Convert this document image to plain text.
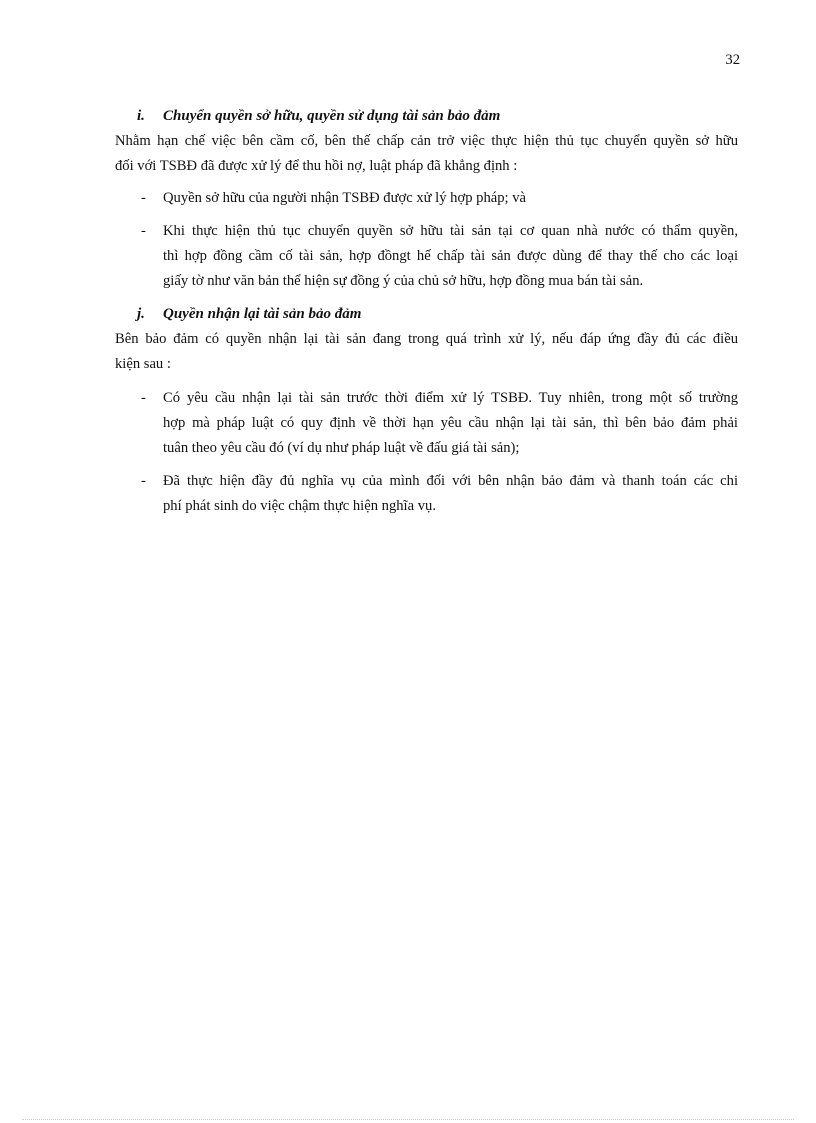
32
i. Chuyển quyền sở hữu, quyền sử dụng tài sản bảo đảm
Nhằm hạn chế việc bên cầm cố, bên thế chấp cản trở việc thực hiện thủ tục chuyển quyền sở hữu
đối với TSBĐ đã được xử lý để thu hồi nợ, luật pháp đã khẳng định :
- Quyền sở hữu của người nhận TSBĐ được xử lý hợp pháp; và
- Khi thực hiện thủ tục chuyển quyền sở hữu tài sản tại cơ quan nhà nước có thẩm quyền,
thì hợp đồng cầm cố tài sản, hợp đồngt hế chấp tài sản được dùng để thay thế cho các loại
giấy tờ như văn bản thể hiện sự đồng ý của chủ sở hữu, hợp đồng mua bán tài sản.
j. Quyền nhận lại tài sản bảo đảm
Bên bảo đảm có quyền nhận lại tài sản đang trong quá trình xử lý, nếu đáp ứng đầy đủ các điều
kiện sau :
- Có yêu cầu nhận lại tài sản trước thời điểm xử lý TSBĐ. Tuy nhiên, trong một số trường
hợp mà pháp luật có quy định về thời hạn yêu cầu nhận lại tài sản, thì bên bảo đảm phải
tuân theo yêu cầu đó (ví dụ như pháp luật về đấu giá tài sản);
- Đã thực hiện đầy đủ nghĩa vụ của mình đối với bên nhận bảo đảm và thanh toán các chi
phí phát sinh do việc chậm thực hiện nghĩa vụ.
